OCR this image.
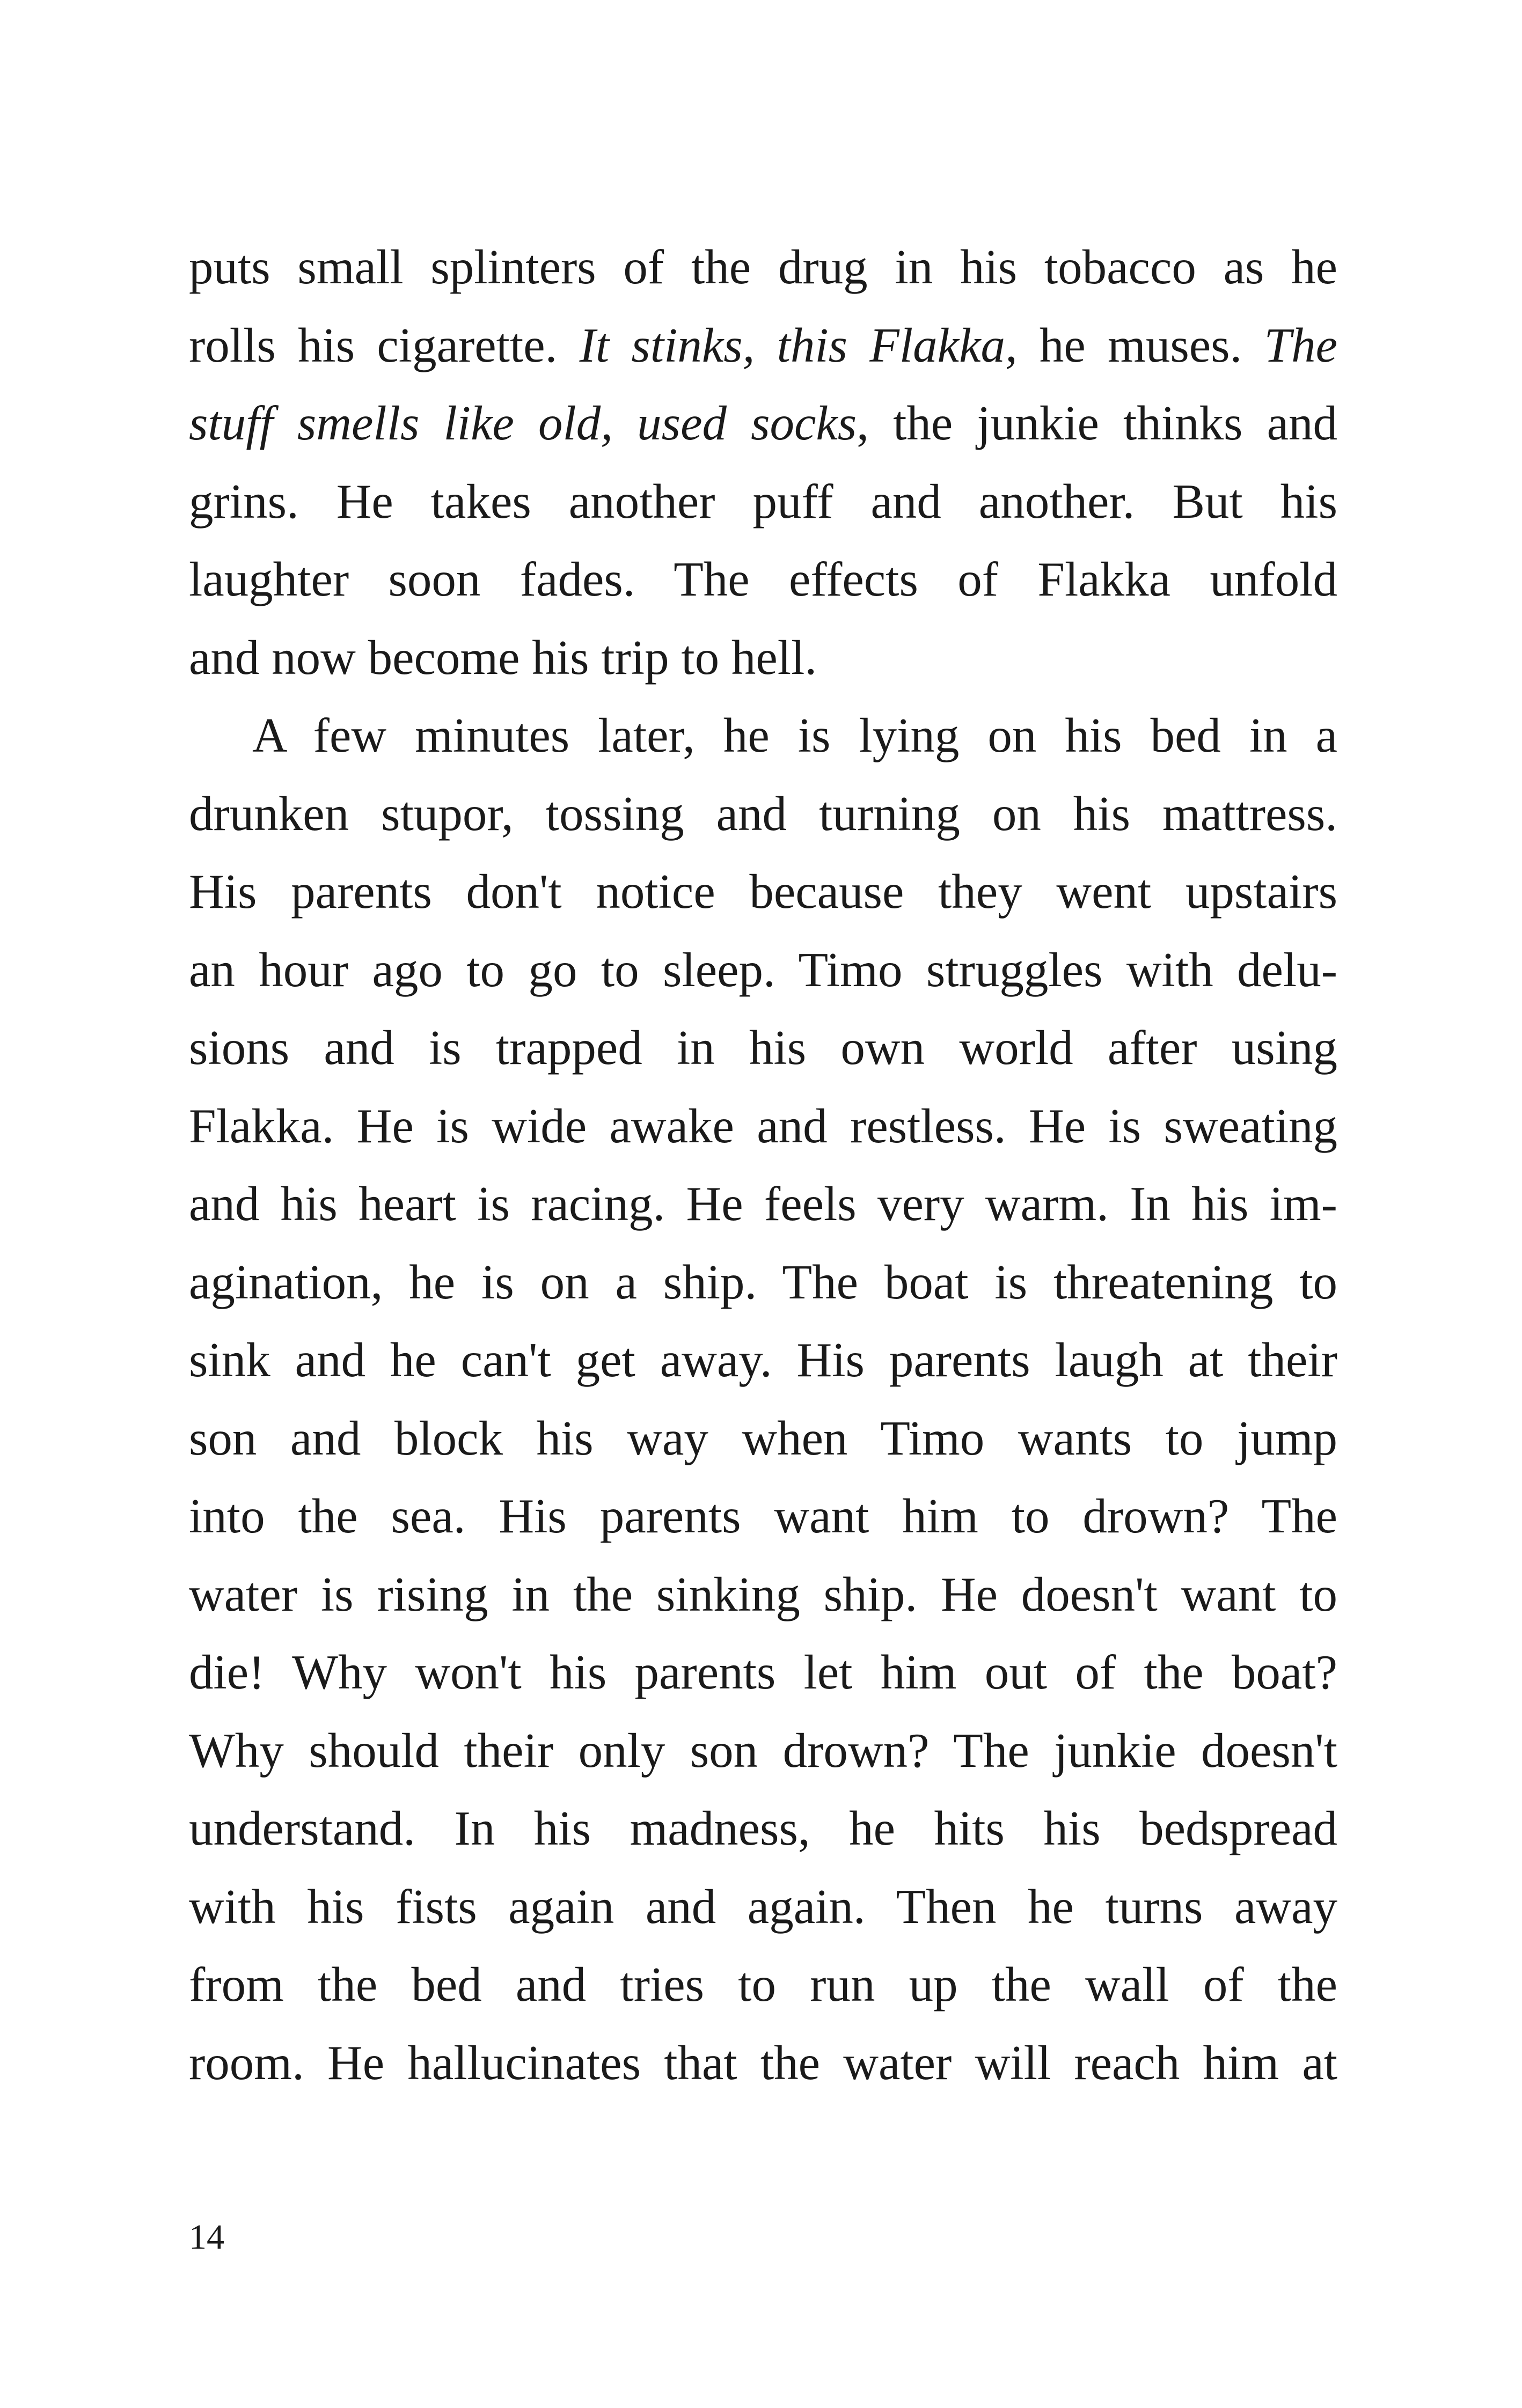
puts small splinters of the drug in his tobacco as he
rolls his cigarette. It stinks, this Flakka, he muses. The
stuff smells like old, used socks, the junkie thinks and
grins. He takes another puff and another. But his
laughter soon fades. The effects of Flakka unfold
and now become his trip to hell.
A few minutes later, he is lying on his bed in a
drunken stupor, tossing and turning on his mattress.
His parents don't notice because they went upstairs
an hour ago to go to sleep. Timo struggles with delu-
sions and is trapped in his own world after using
Flakka. He is wide awake and restless. He is sweating
and his heart is racing. He feels very warm. In his im-
agination, he is on a ship. The boat is threatening to
sink and he can't get away. His parents laugh at their
son and block his way when Timo wants to jump
into the sea. His parents want him to drown? The
water is rising in the sinking ship. He doesn't want to
die! Why won't his parents let him out of the boat?
Why should their only son drown? The junkie doesn't
understand. In his madness, he hits his bedspread
with his fists again and again. Then he turns away
from the bed and tries to run up the wall of the
room. He hallucinates that the water will reach him at
14
